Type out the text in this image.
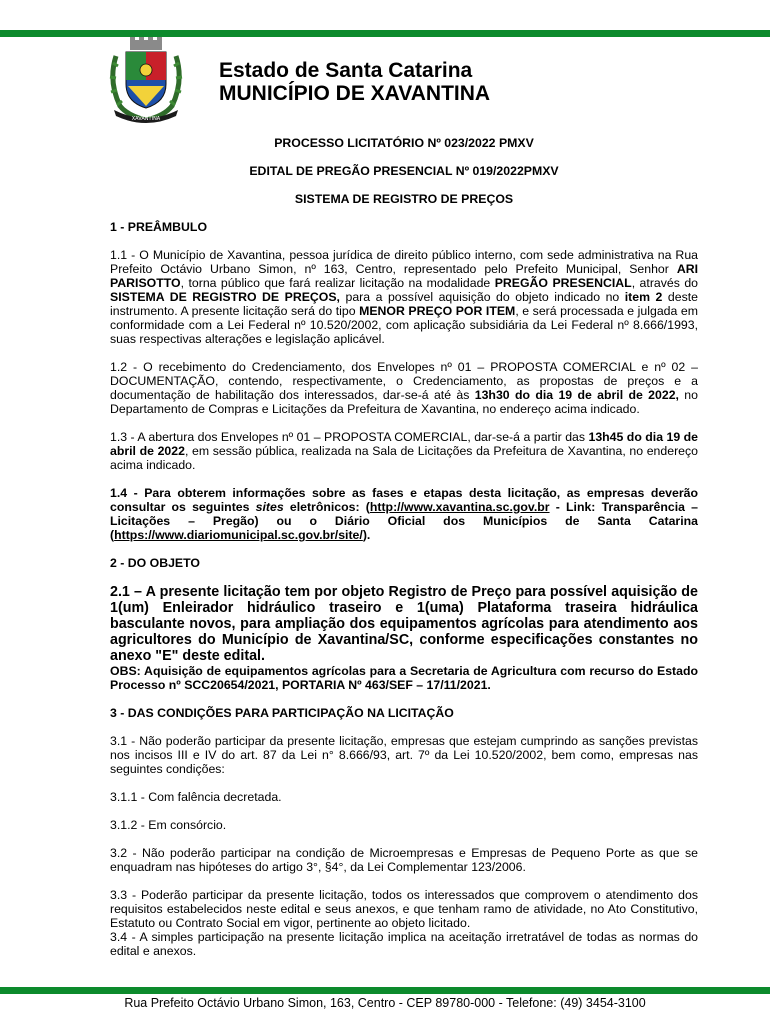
XAVANTINA
Estado de Santa Catarina
MUNICÍPIO DE XAVANTINA
PROCESSO LICITATÓRIO Nº 023/2022 PMXV
EDITAL DE PREGÃO PRESENCIAL Nº 019/2022PMXV
SISTEMA DE REGISTRO DE PREÇOS
1 - PREÂMBULO

1.1 - O Município de Xavantina, pessoa jurídica de direito público interno, com sede administrativa na Rua Prefeito Octávio Urbano Simon, nº 163, Centro, representado pelo Prefeito Municipal, Senhor ARI PARISOTTO, torna público que fará realizar licitação na modalidade PREGÃO PRESENCIAL, através do SISTEMA DE REGISTRO DE PREÇOS, para a possível aquisição do objeto indicado no item 2 deste instrumento. A presente licitação será do tipo MENOR PREÇO POR ITEM, e será processada e julgada em conformidade com a Lei Federal nº 10.520/2002, com aplicação subsidiária da Lei Federal nº 8.666/1993, suas respectivas alterações e legislação aplicável.

1.2 - O recebimento do Credenciamento, dos Envelopes nº 01 – PROPOSTA COMERCIAL e nº 02 – DOCUMENTAÇÃO, contendo, respectivamente, o Credenciamento, as propostas de preços e a documentação de habilitação dos interessados, dar-se-á até às 13h30 do dia 19 de abril de 2022, no Departamento de Compras e Licitações da Prefeitura de Xavantina, no endereço acima indicado.

1.3 - A abertura dos Envelopes nº 01 – PROPOSTA COMERCIAL, dar-se-á a partir das 13h45 do dia 19 de abril de 2022, em sessão pública, realizada na Sala de Licitações da Prefeitura de Xavantina, no endereço acima indicado.

1.4 - Para obterem informações sobre as fases e etapas desta licitação, as empresas deverão consultar os seguintes sites eletrônicos: (http://www.xavantina.sc.gov.br - Link: Transparência – Licitações – Pregão) ou o Diário Oficial dos Municípios de Santa Catarina (https://www.diariomunicipal.sc.gov.br/site/).

2 - DO OBJETO

2.1 – A presente licitação tem por objeto Registro de Preço para possível aquisição de 1(um) Enleirador hidráulico traseiro e 1(uma) Plataforma traseira hidráulica basculante novos, para ampliação dos equipamentos agrícolas para atendimento aos agricultores do Município de Xavantina/SC, conforme especificações constantes no anexo "E" deste edital.

OBS: Aquisição de equipamentos agrícolas para a Secretaria de Agricultura com recurso do Estado Processo nº SCC20654/2021, PORTARIA Nº 463/SEF – 17/11/2021.

3 - DAS CONDIÇÕES PARA PARTICIPAÇÃO NA LICITAÇÃO

3.1 - Não poderão participar da presente licitação, empresas que estejam cumprindo as sanções previstas nos incisos III e IV do art. 87 da Lei n° 8.666/93, art. 7º da Lei 10.520/2002, bem como, empresas nas seguintes condições:

3.1.1 - Com falência decretada.

3.1.2 - Em consórcio.

3.2 - Não poderão participar na condição de Microempresas e Empresas de Pequeno Porte as que se enquadram nas hipóteses do artigo 3°, §4°, da Lei Complementar 123/2006.

3.3 - Poderão participar da presente licitação, todos os interessados que comprovem o atendimento dos requisitos estabelecidos neste edital e seus anexos, e que tenham ramo de atividade, no Ato Constitutivo, Estatuto ou Contrato Social em vigor, pertinente ao objeto licitado.

3.4 - A simples participação na presente licitação implica na aceitação irretratável de todas as normas do edital e anexos.

Rua Prefeito Octávio Urbano Simon, 163, Centro - CEP 89780-000 - Telefone: (49) 3454-3100
